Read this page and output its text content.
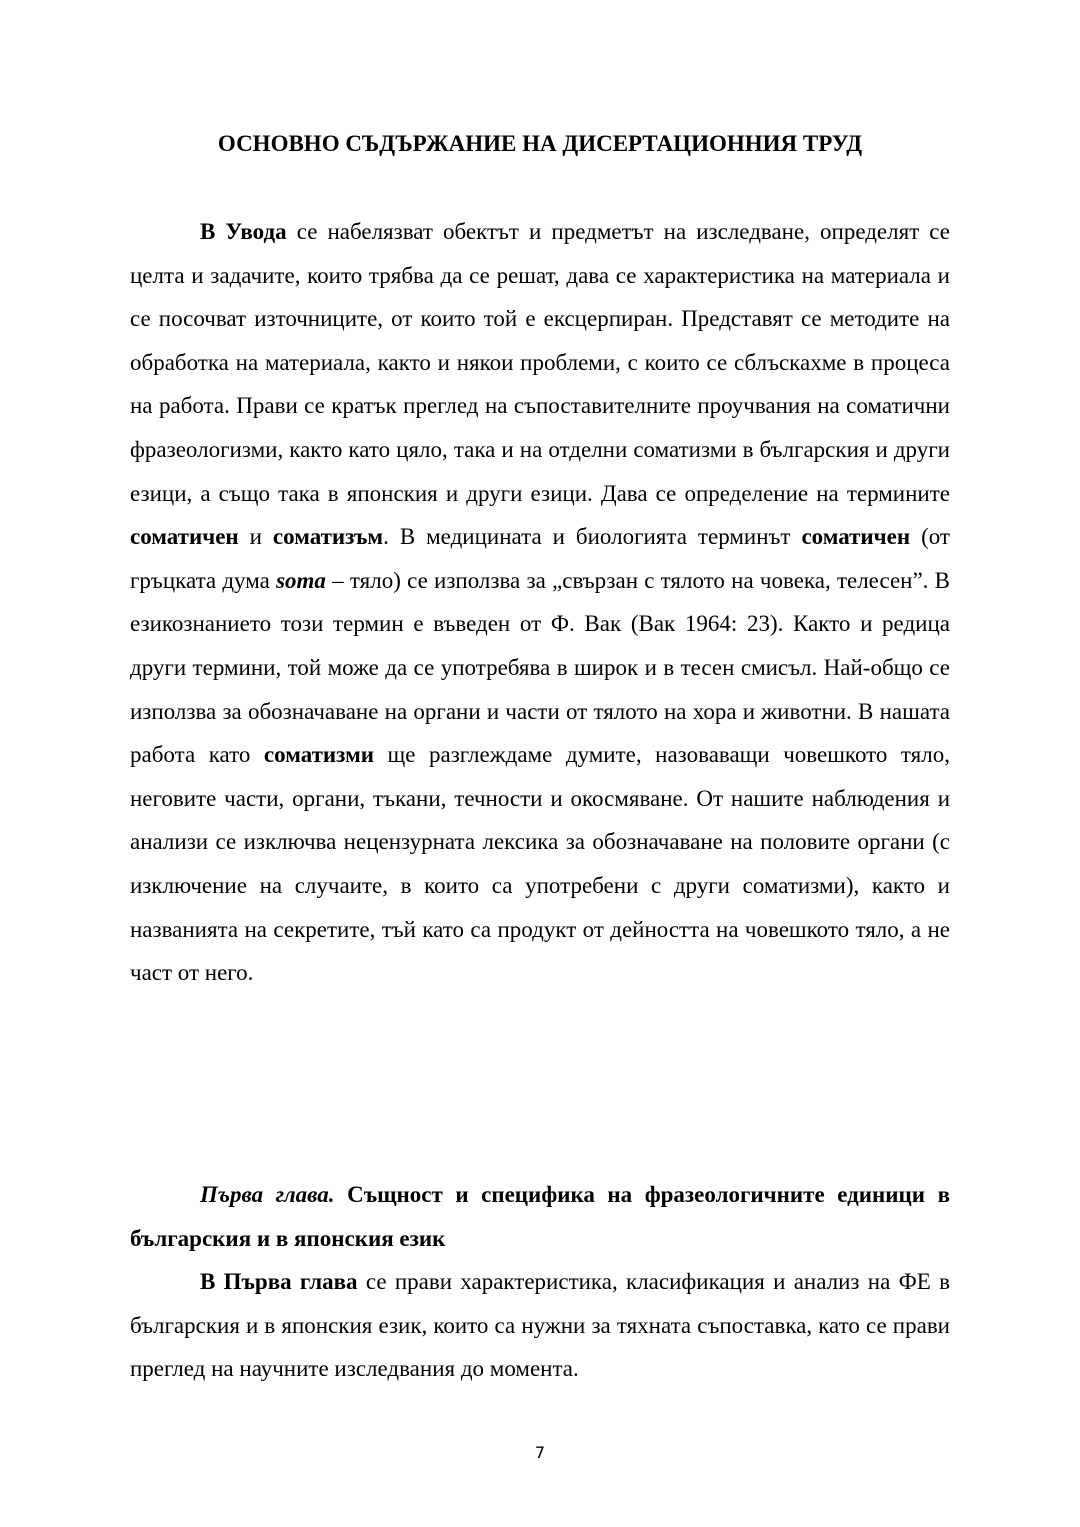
ОСНОВНО СЪДЪРЖАНИЕ НА ДИСЕРТАЦИОННИЯ ТРУД

В Увода се набелязват обектът и предметът на изследване, определят се целта и задачите, които трябва да се решат, дава се характеристика на материала и се посочват източниците, от които той е ексцерпиран. Представят се методите на обработка на материала, както и някои проблеми, с които се сблъскахме в процеса на работа. Прави се кратък преглед на съпоставителните проучвания на соматични фразеологизми, както като цяло, така и на отделни соматизми в българския и други езици, а също така в японския и други езици. Дава се определение на термините соматичен и соматизъм. В медицината и биологията терминът соматичен (от гръцката дума soma – тяло) се използва за „свързан с тялото на човека, телесен”. В езикознанието този термин е въведен от Ф. Вак (Вак 1964: 23). Както и редица други термини, той може да се употребява в широк и в тесен смисъл. Най-общо се използва за обозначаване на органи и части от тялото на хора и животни. В нашата работа като соматизми ще разглеждаме думите, назоваващи човешкото тяло, неговите части, органи, тъкани, течности и окосмяване. От нашите наблюдения и анализи се изключва нецензурната лексика за обозначаване на половите органи (с изключение на случаите, в които са употребени с други соматизми), както и названията на секретите, тъй като са продукт от дейността на човешкото тяло, а не част от него.

Първа глава. Същност и специфика на фразеологичните единици в българския и в японския език

В Първа глава се прави характеристика, класификация и анализ на ФЕ в българския и в японския език, които са нужни за тяхната съпоставка, като се прави преглед на научните изследвания до момента.

7
